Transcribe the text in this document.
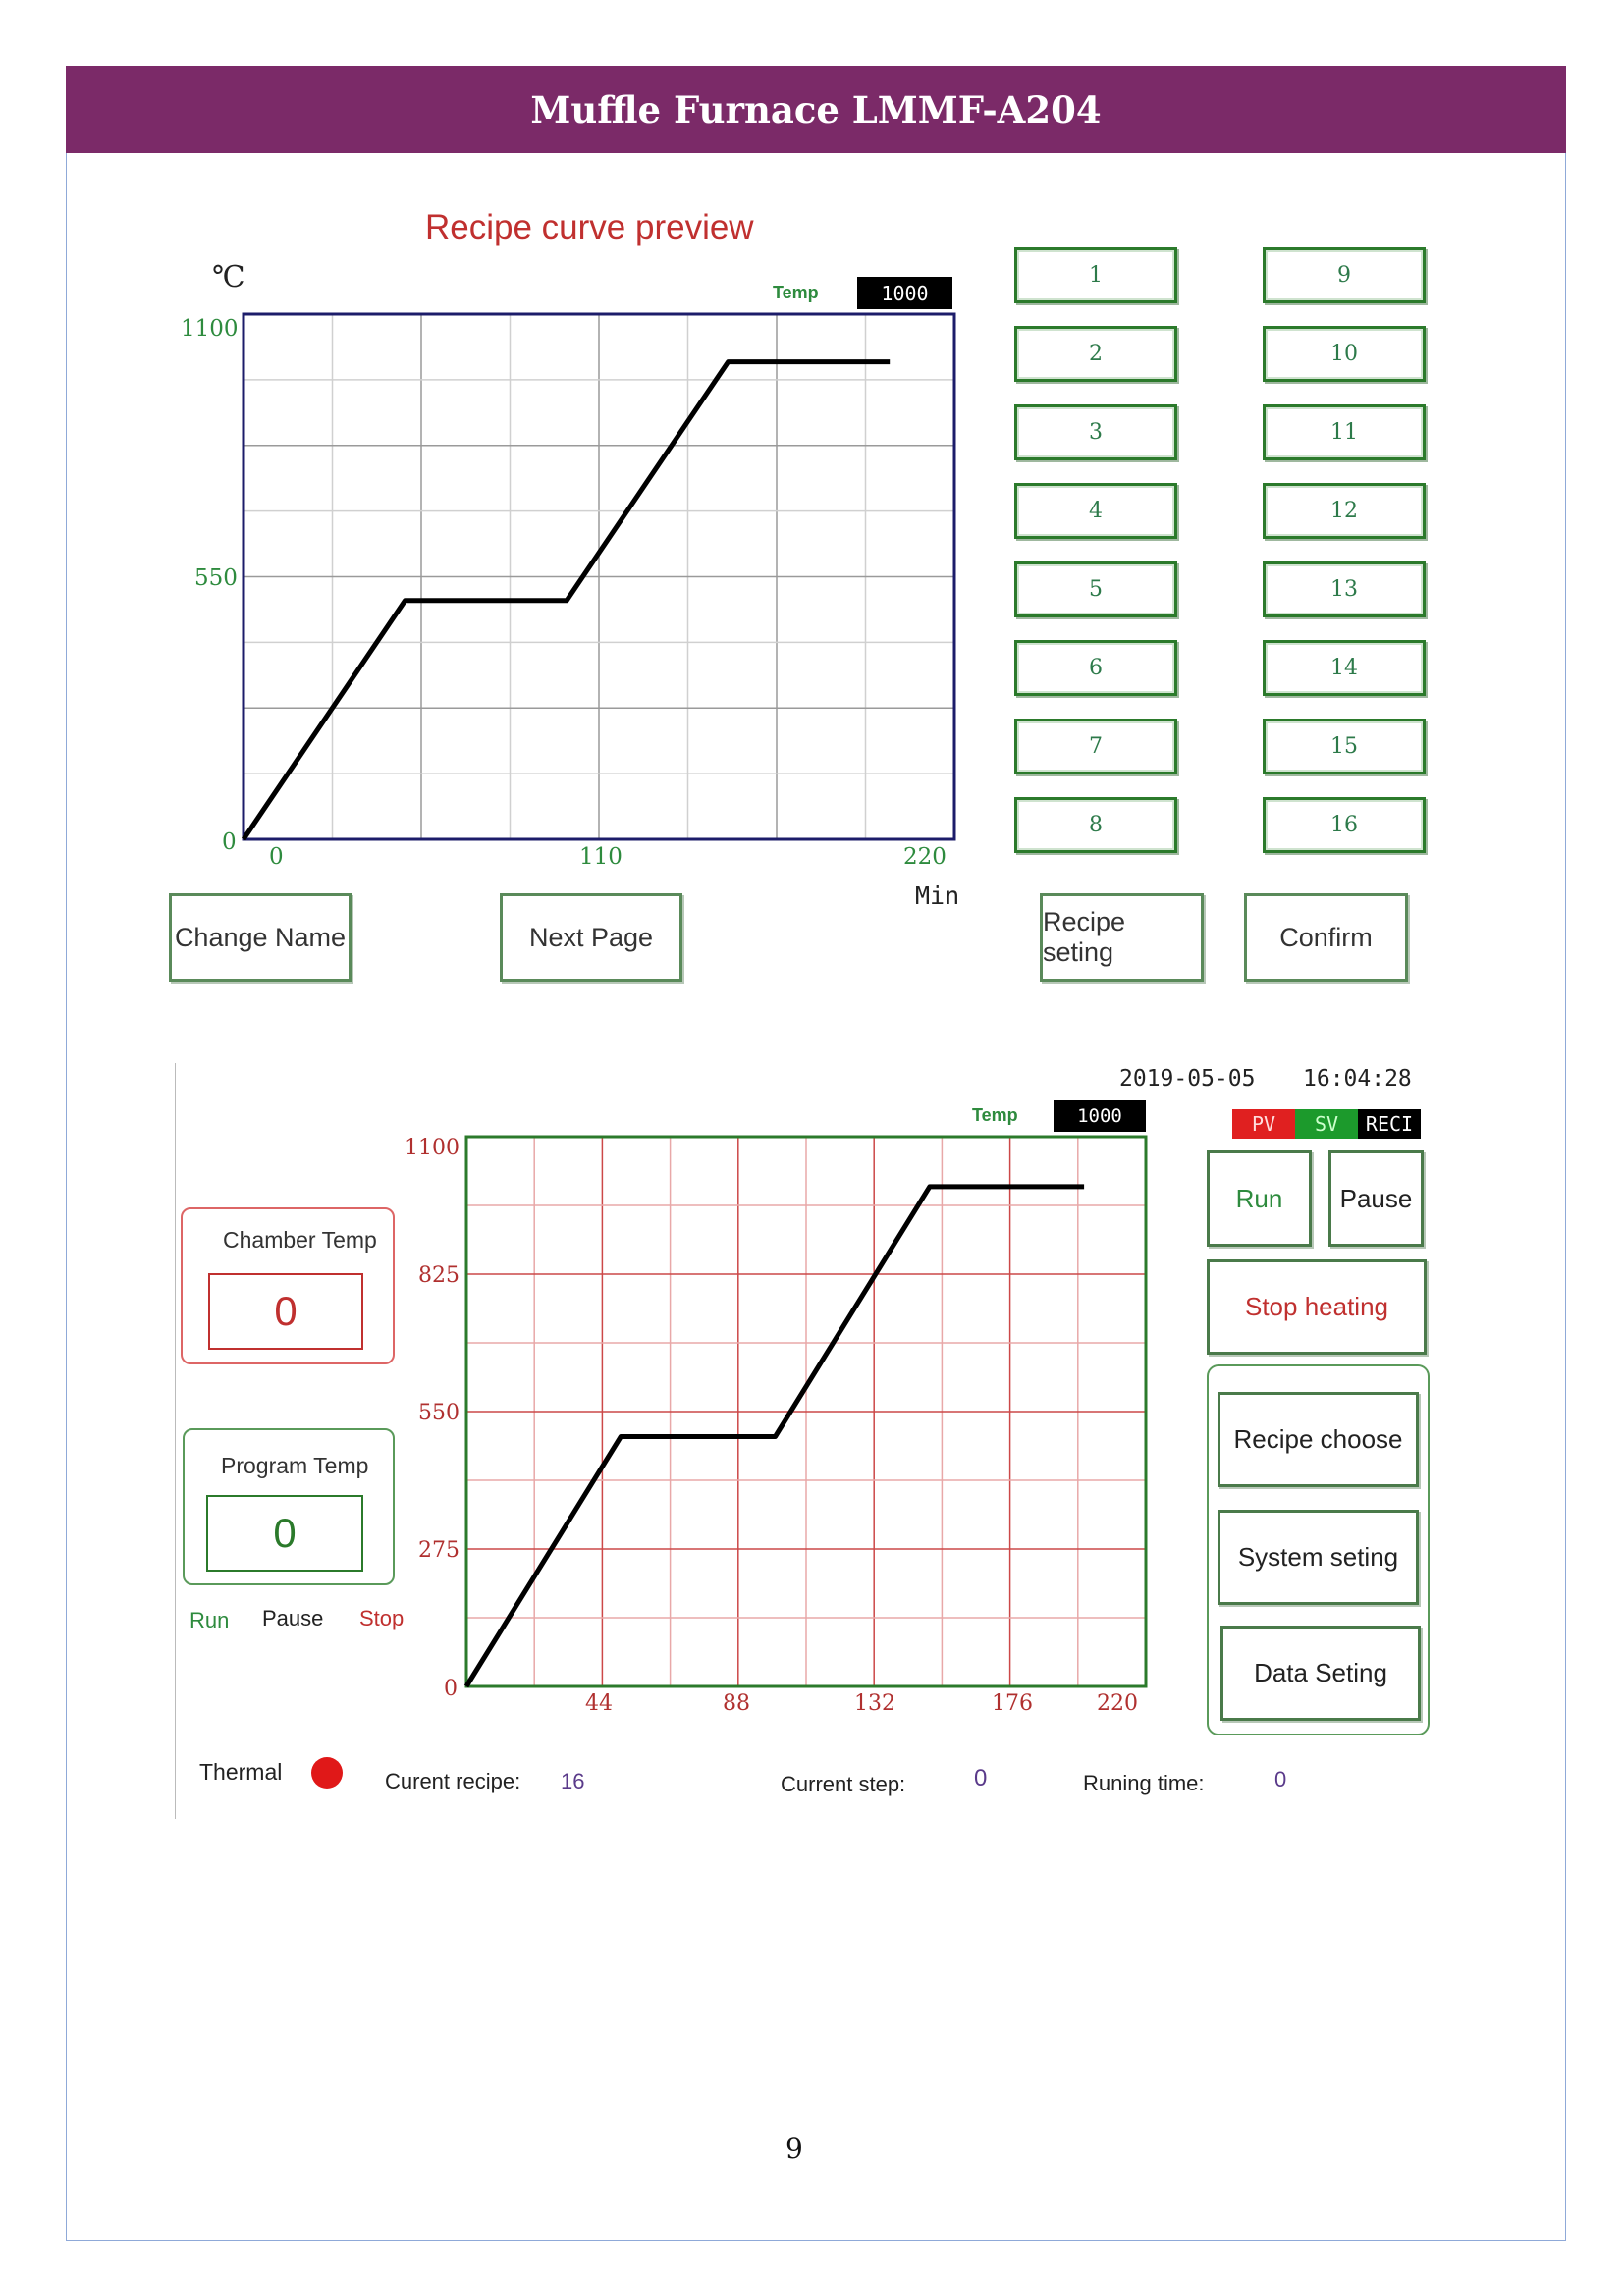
Muffle Furnace LMMF-A204
Recipe curve preview
℃	Temp	1000
1100
550
0
0	110	220
Min
1
2
3
4
5
6
7
8
9
10
11
12
13
14
15
16
Change Name	Next Page
Recipe seting
Confirm
2019-05-05 16:04:28
Temp	1000	PV	SV	RECI
1100
825
550
275
0
44	88	132	176	220
Chamber Temp
0
Program Temp
0
Run Pause Stop
Run	Pause
Stop heating
Recipe choose
System seting
Data Seting
Thermal	Curent recipe: 16	Current step:	0	Runing time:	0
9
